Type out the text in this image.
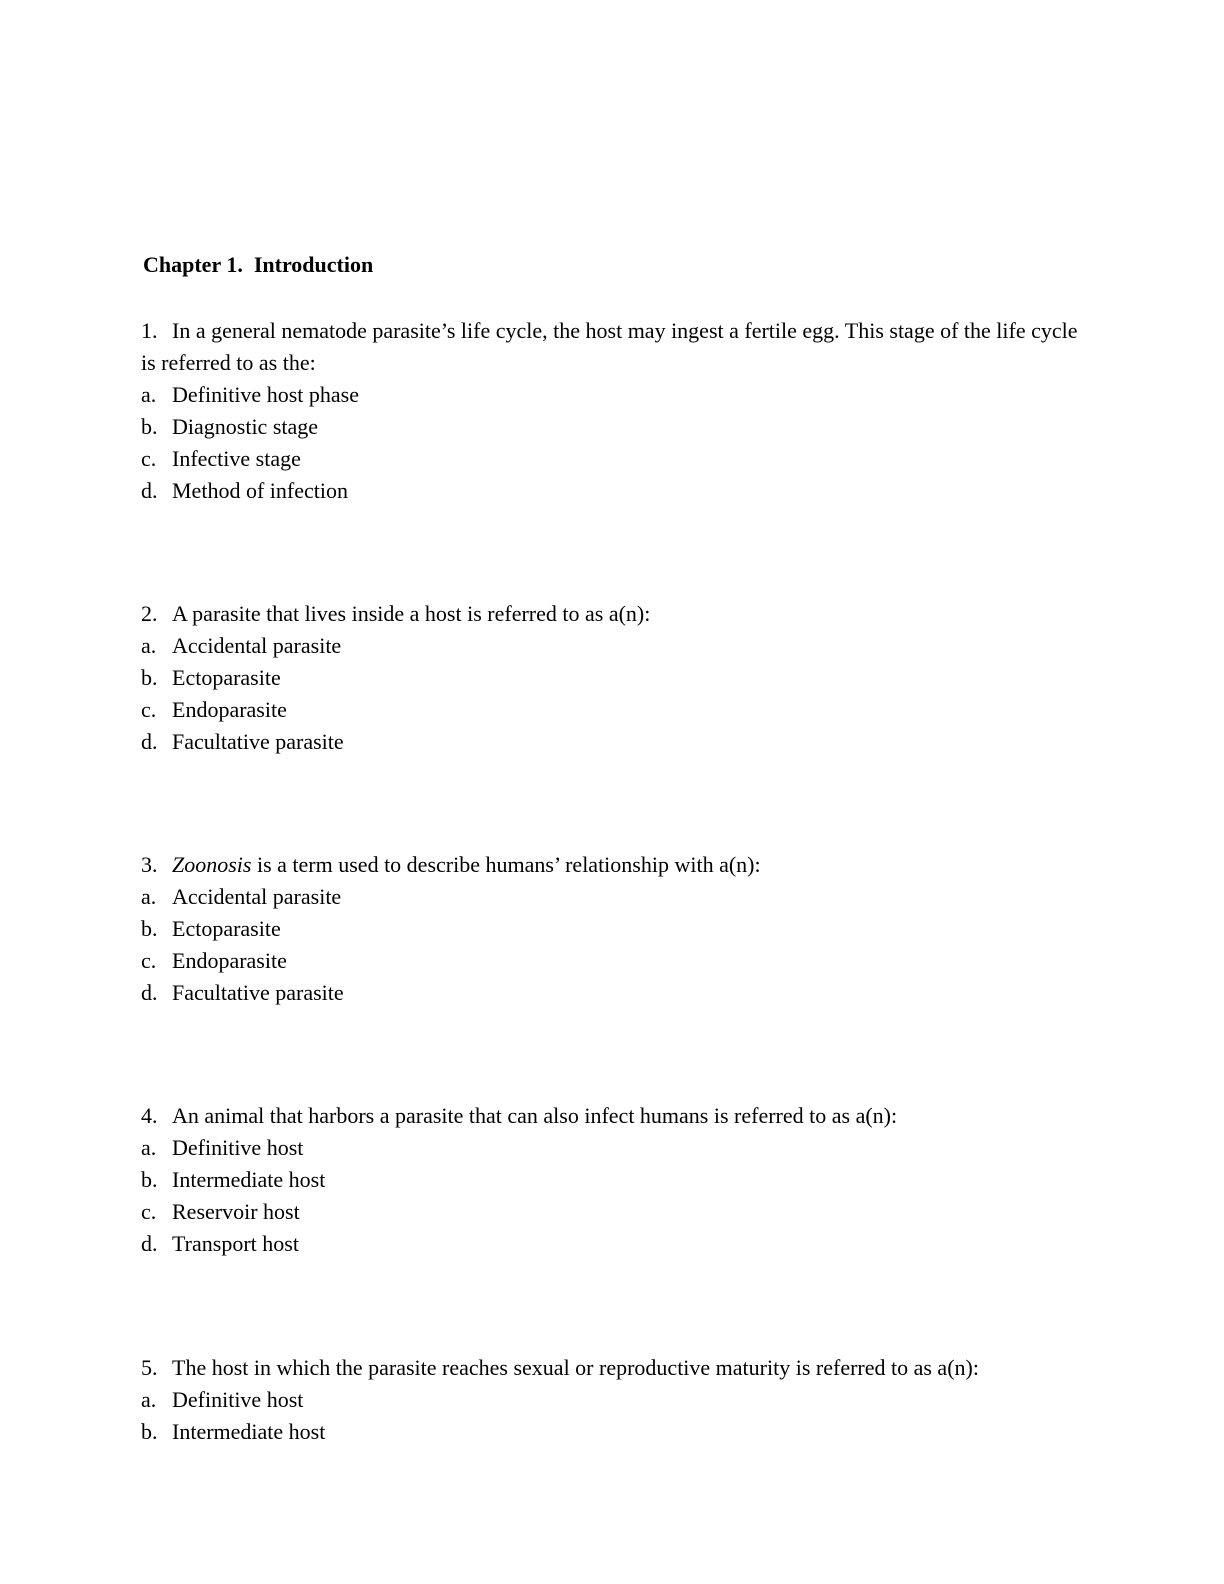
Chapter 1.  Introduction

1. In a general nematode parasite’s life cycle, the host may ingest a fertile egg. This stage of the life cycle is referred to as the:

a. Definitive host phase
b. Diagnostic stage
c. Infective stage
d. Method of infection

2. A parasite that lives inside a host is referred to as a(n):

a. Accidental parasite
b. Ectoparasite
c. Endoparasite
d. Facultative parasite

3. Zoonosis is a term used to describe humans’ relationship with a(n):

a. Accidental parasite
b. Ectoparasite
c. Endoparasite
d. Facultative parasite

4. An animal that harbors a parasite that can also infect humans is referred to as a(n):

a. Definitive host
b. Intermediate host
c. Reservoir host
d. Transport host

5. The host in which the parasite reaches sexual or reproductive maturity is referred to as a(n):

a. Definitive host
b. Intermediate host
